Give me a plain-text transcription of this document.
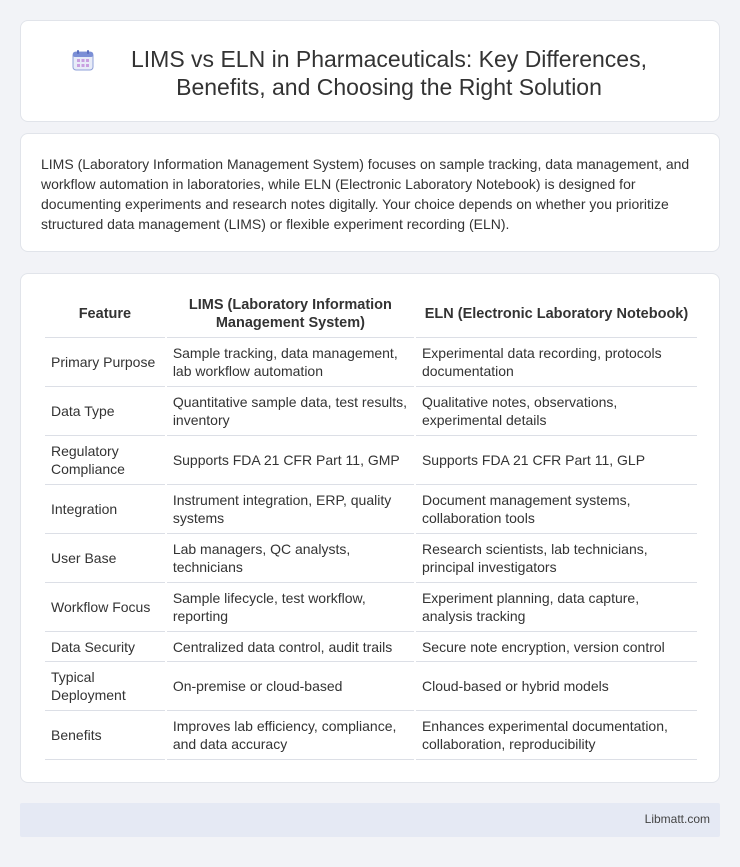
LIMS vs ELN in Pharmaceuticals: Key Differences, Benefits, and Choosing the Right Solution

LIMS (Laboratory Information Management System) focuses on sample tracking, data management, and workflow automation in laboratories, while ELN (Electronic Laboratory Notebook) is designed for documenting experiments and research notes digitally. Your choice depends on whether you prioritize structured data management (LIMS) or flexible experiment recording (ELN).

Feature	LIMS (Laboratory Information Management System)	ELN (Electronic Laboratory Notebook)
Primary Purpose	Sample tracking, data management, lab workflow automation	Experimental data recording, protocols documentation
Data Type	Quantitative sample data, test results, inventory	Qualitative notes, observations, experimental details
Regulatory Compliance	Supports FDA 21 CFR Part 11, GMP	Supports FDA 21 CFR Part 11, GLP
Integration	Instrument integration, ERP, quality systems	Document management systems, collaboration tools
User Base	Lab managers, QC analysts, technicians	Research scientists, lab technicians, principal investigators
Workflow Focus	Sample lifecycle, test workflow, reporting	Experiment planning, data capture, analysis tracking
Data Security	Centralized data control, audit trails	Secure note encryption, version control
Typical Deployment	On-premise or cloud-based	Cloud-based or hybrid models
Benefits	Improves lab efficiency, compliance, and data accuracy	Enhances experimental documentation, collaboration, reproducibility
Libmatt.com
